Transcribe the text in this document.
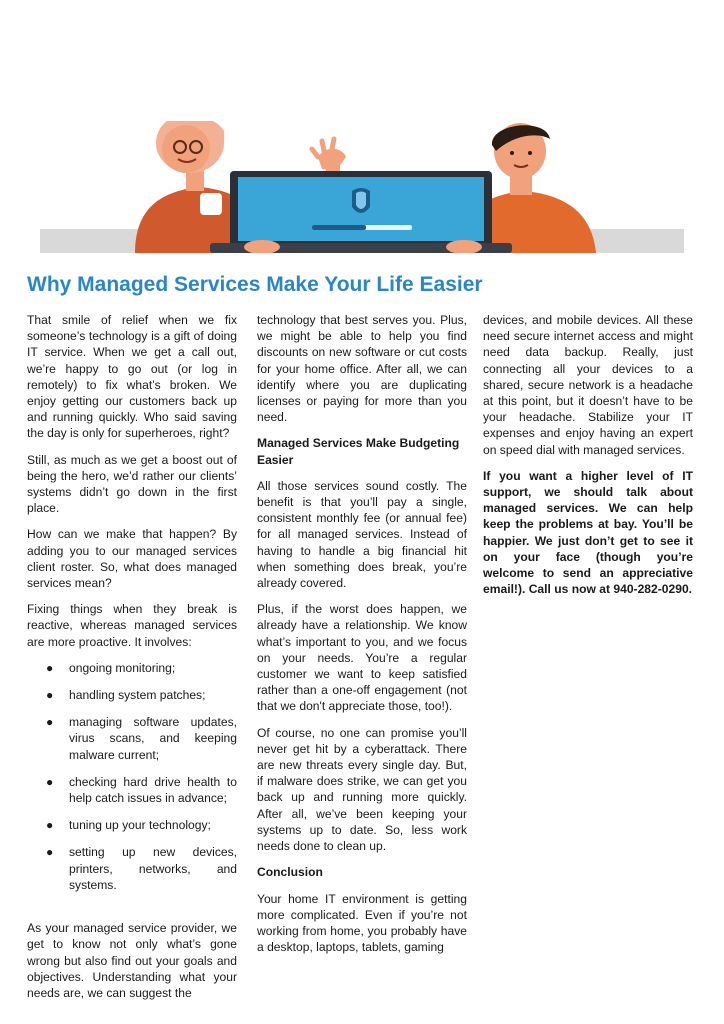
Why Managed Services Make Your Life Easier

That smile of relief when we fix someone’s technology is a gift of doing IT service. When we get a call out, we’re happy to go out (or log in remotely) to fix what’s broken. We enjoy getting our customers back up and running quickly. Who said saving the day is only for superheroes, right?

Still, as much as we get a boost out of being the hero, we’d rather our clients’ systems didn’t go down in the first place.

How can we make that happen? By adding you to our managed services client roster. So, what does managed services mean?

Fixing things when they break is reactive, whereas managed services are more proactive. It involves:

● ongoing monitoring;
● handling system patches;
● managing software updates, virus scans, and keeping malware current;
● checking hard drive health to help catch issues in advance;
● tuning up your technology;
● setting up new devices, printers, networks, and systems.

As your managed service provider, we get to know not only what’s gone wrong but also find out your goals and objectives. Understanding what your needs are, we can suggest the

technology that best serves you. Plus, we might be able to help you find discounts on new software or cut costs for your home office. After all, we can identify where you are duplicating licenses or paying for more than you need.

Managed Services Make Budgeting Easier

All those services sound costly. The benefit is that you’ll pay a single, consistent monthly fee (or annual fee) for all managed services. Instead of having to handle a big financial hit when something does break, you’re already covered.

Plus, if the worst does happen, we already have a relationship. We know what’s important to you, and we focus on your needs. You’re a regular customer we want to keep satisfied rather than a one-off engagement (not that we don't appreciate those, too!).

Of course, no one can promise you’ll never get hit by a cyberattack. There are new threats every single day. But, if malware does strike, we can get you back up and running more quickly. After all, we’ve been keeping your systems up to date. So, less work needs done to clean up.

Conclusion

Your home IT environment is getting more complicated. Even if you’re not working from home, you probably have a desktop, laptops, tablets, gaming

devices, and mobile devices. All these need secure internet access and might need data backup. Really, just connecting all your devices to a shared, secure network is a headache at this point, but it doesn’t have to be your headache. Stabilize your IT expenses and enjoy having an expert on speed dial with managed services.

If you want a higher level of IT support, we should talk about managed services. We can help keep the problems at bay. You’ll be happier. We just don’t get to see it on your face (though you’re welcome to send an appreciative email!). Call us now at 940-282-0290.
